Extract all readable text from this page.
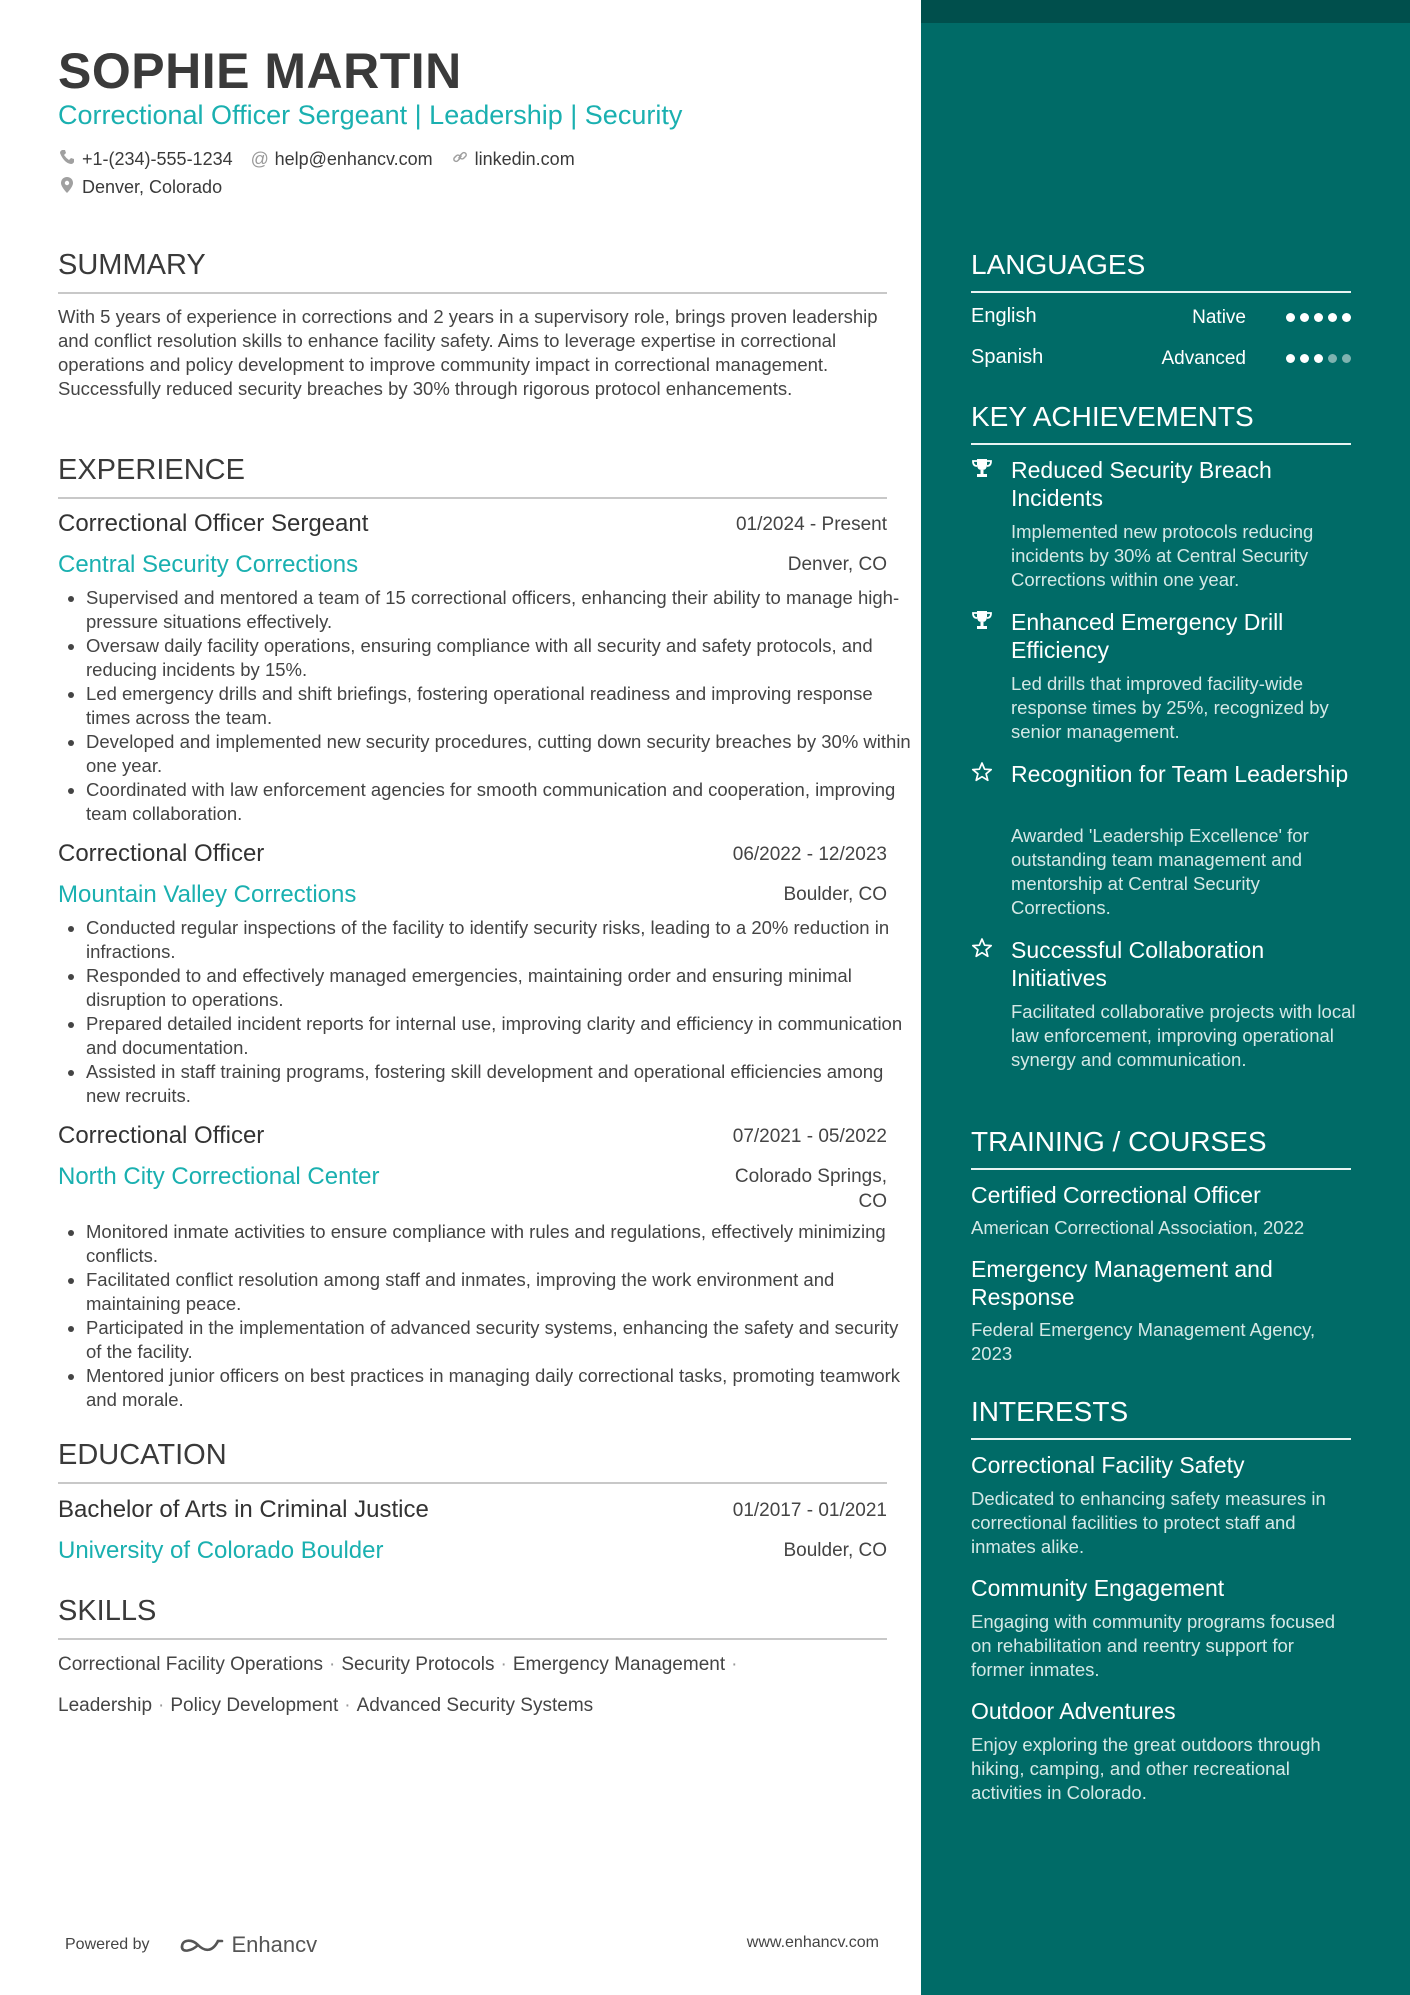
SOPHIE MARTIN
Correctional Officer Sergeant | Leadership | Security
+1-(234)-555-1234 @ help@enhancv.com linkedin.com
Denver, Colorado
SUMMARY
With 5 years of experience in corrections and 2 years in a supervisory role, brings proven leadership and conflict resolution skills to enhance facility safety. Aims to leverage expertise in correctional operations and policy development to improve community impact in correctional management. Successfully reduced security breaches by 30% through rigorous protocol enhancements.
EXPERIENCE
Correctional Officer Sergeant	01/2024 - Present
Central Security Corrections	Denver, CO
• Supervised and mentored a team of 15 correctional officers, enhancing their ability to manage high-pressure situations effectively.
• Oversaw daily facility operations, ensuring compliance with all security and safety protocols, and reducing incidents by 15%.
• Led emergency drills and shift briefings, fostering operational readiness and improving response times across the team.
• Developed and implemented new security procedures, cutting down security breaches by 30% within one year.
• Coordinated with law enforcement agencies for smooth communication and cooperation, improving team collaboration.
Correctional Officer	06/2022 - 12/2023
Mountain Valley Corrections	Boulder, CO
• Conducted regular inspections of the facility to identify security risks, leading to a 20% reduction in infractions.
• Responded to and effectively managed emergencies, maintaining order and ensuring minimal disruption to operations.
• Prepared detailed incident reports for internal use, improving clarity and efficiency in communication and documentation.
• Assisted in staff training programs, fostering skill development and operational efficiencies among new recruits.
Correctional Officer	07/2021 - 05/2022
North City Correctional Center	Colorado Springs,
CO
• Monitored inmate activities to ensure compliance with rules and regulations, effectively minimizing conflicts.
• Facilitated conflict resolution among staff and inmates, improving the work environment and maintaining peace.
• Participated in the implementation of advanced security systems, enhancing the safety and security of the facility.
• Mentored junior officers on best practices in managing daily correctional tasks, promoting teamwork and morale.
EDUCATION
Bachelor of Arts in Criminal Justice	01/2017 - 01/2021
University of Colorado Boulder	Boulder, CO
SKILLS
Correctional Facility Operations · Security Protocols · Emergency Management ·
Leadership · Policy Development · Advanced Security Systems
Powered by	Enhancv	www.enhancv.com
LANGUAGES
English	Native
Spanish	Advanced
KEY ACHIEVEMENTS
Reduced Security Breach Incidents
Implemented new protocols reducing incidents by 30% at Central Security Corrections within one year.
Enhanced Emergency Drill Efficiency
Led drills that improved facility-wide response times by 25%, recognized by senior management.
Recognition for Team Leadership
Awarded 'Leadership Excellence' for outstanding team management and mentorship at Central Security Corrections.
Successful Collaboration Initiatives
Facilitated collaborative projects with local law enforcement, improving operational synergy and communication.
TRAINING / COURSES
Certified Correctional Officer
American Correctional Association, 2022
Emergency Management and Response
Federal Emergency Management Agency, 2023
INTERESTS
Correctional Facility Safety
Dedicated to enhancing safety measures in correctional facilities to protect staff and inmates alike.
Community Engagement
Engaging with community programs focused on rehabilitation and reentry support for former inmates.
Outdoor Adventures
Enjoy exploring the great outdoors through hiking, camping, and other recreational activities in Colorado.
